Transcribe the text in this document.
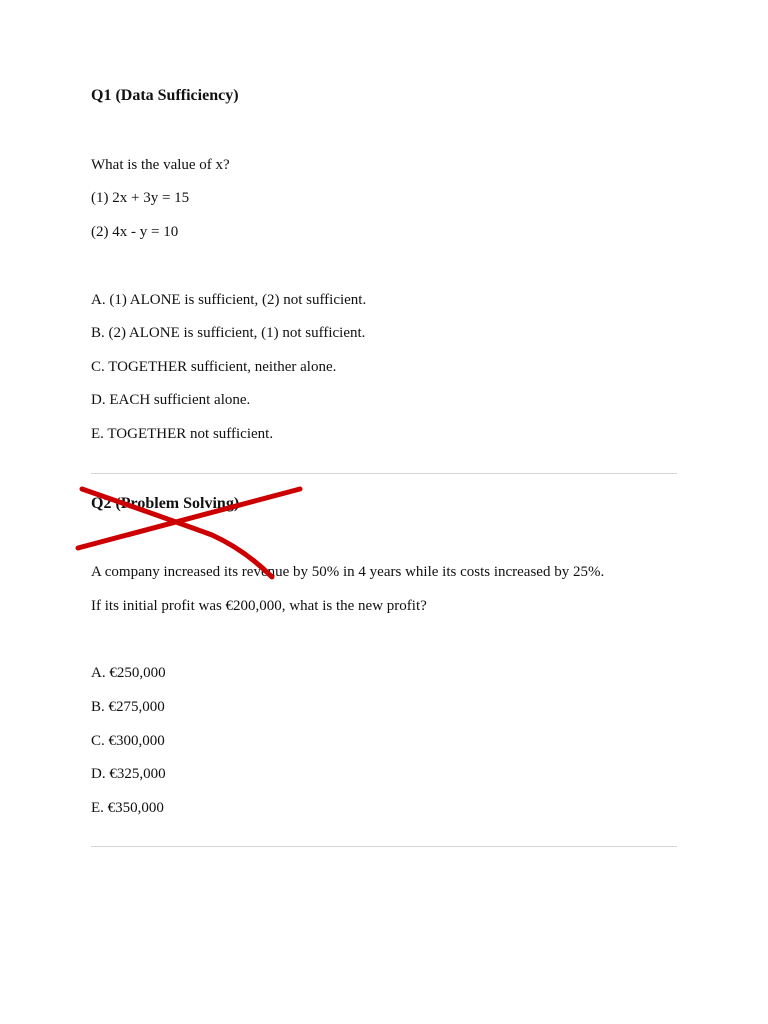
Q1 (Data Sufficiency)
What is the value of x?
(1) 2x + 3y = 15
(2) 4x - y = 10
A. (1) ALONE is sufficient, (2) not sufficient.
B. (2) ALONE is sufficient, (1) not sufficient.
C. TOGETHER sufficient, neither alone.
D. EACH sufficient alone.
E. TOGETHER not sufficient.
Q2 (Problem Solving)
A company increased its revenue by 50% in 4 years while its costs increased by 25%.
If its initial profit was €200,000, what is the new profit?
A. €250,000
B. €275,000
C. €300,000
D. €325,000
E. €350,000
